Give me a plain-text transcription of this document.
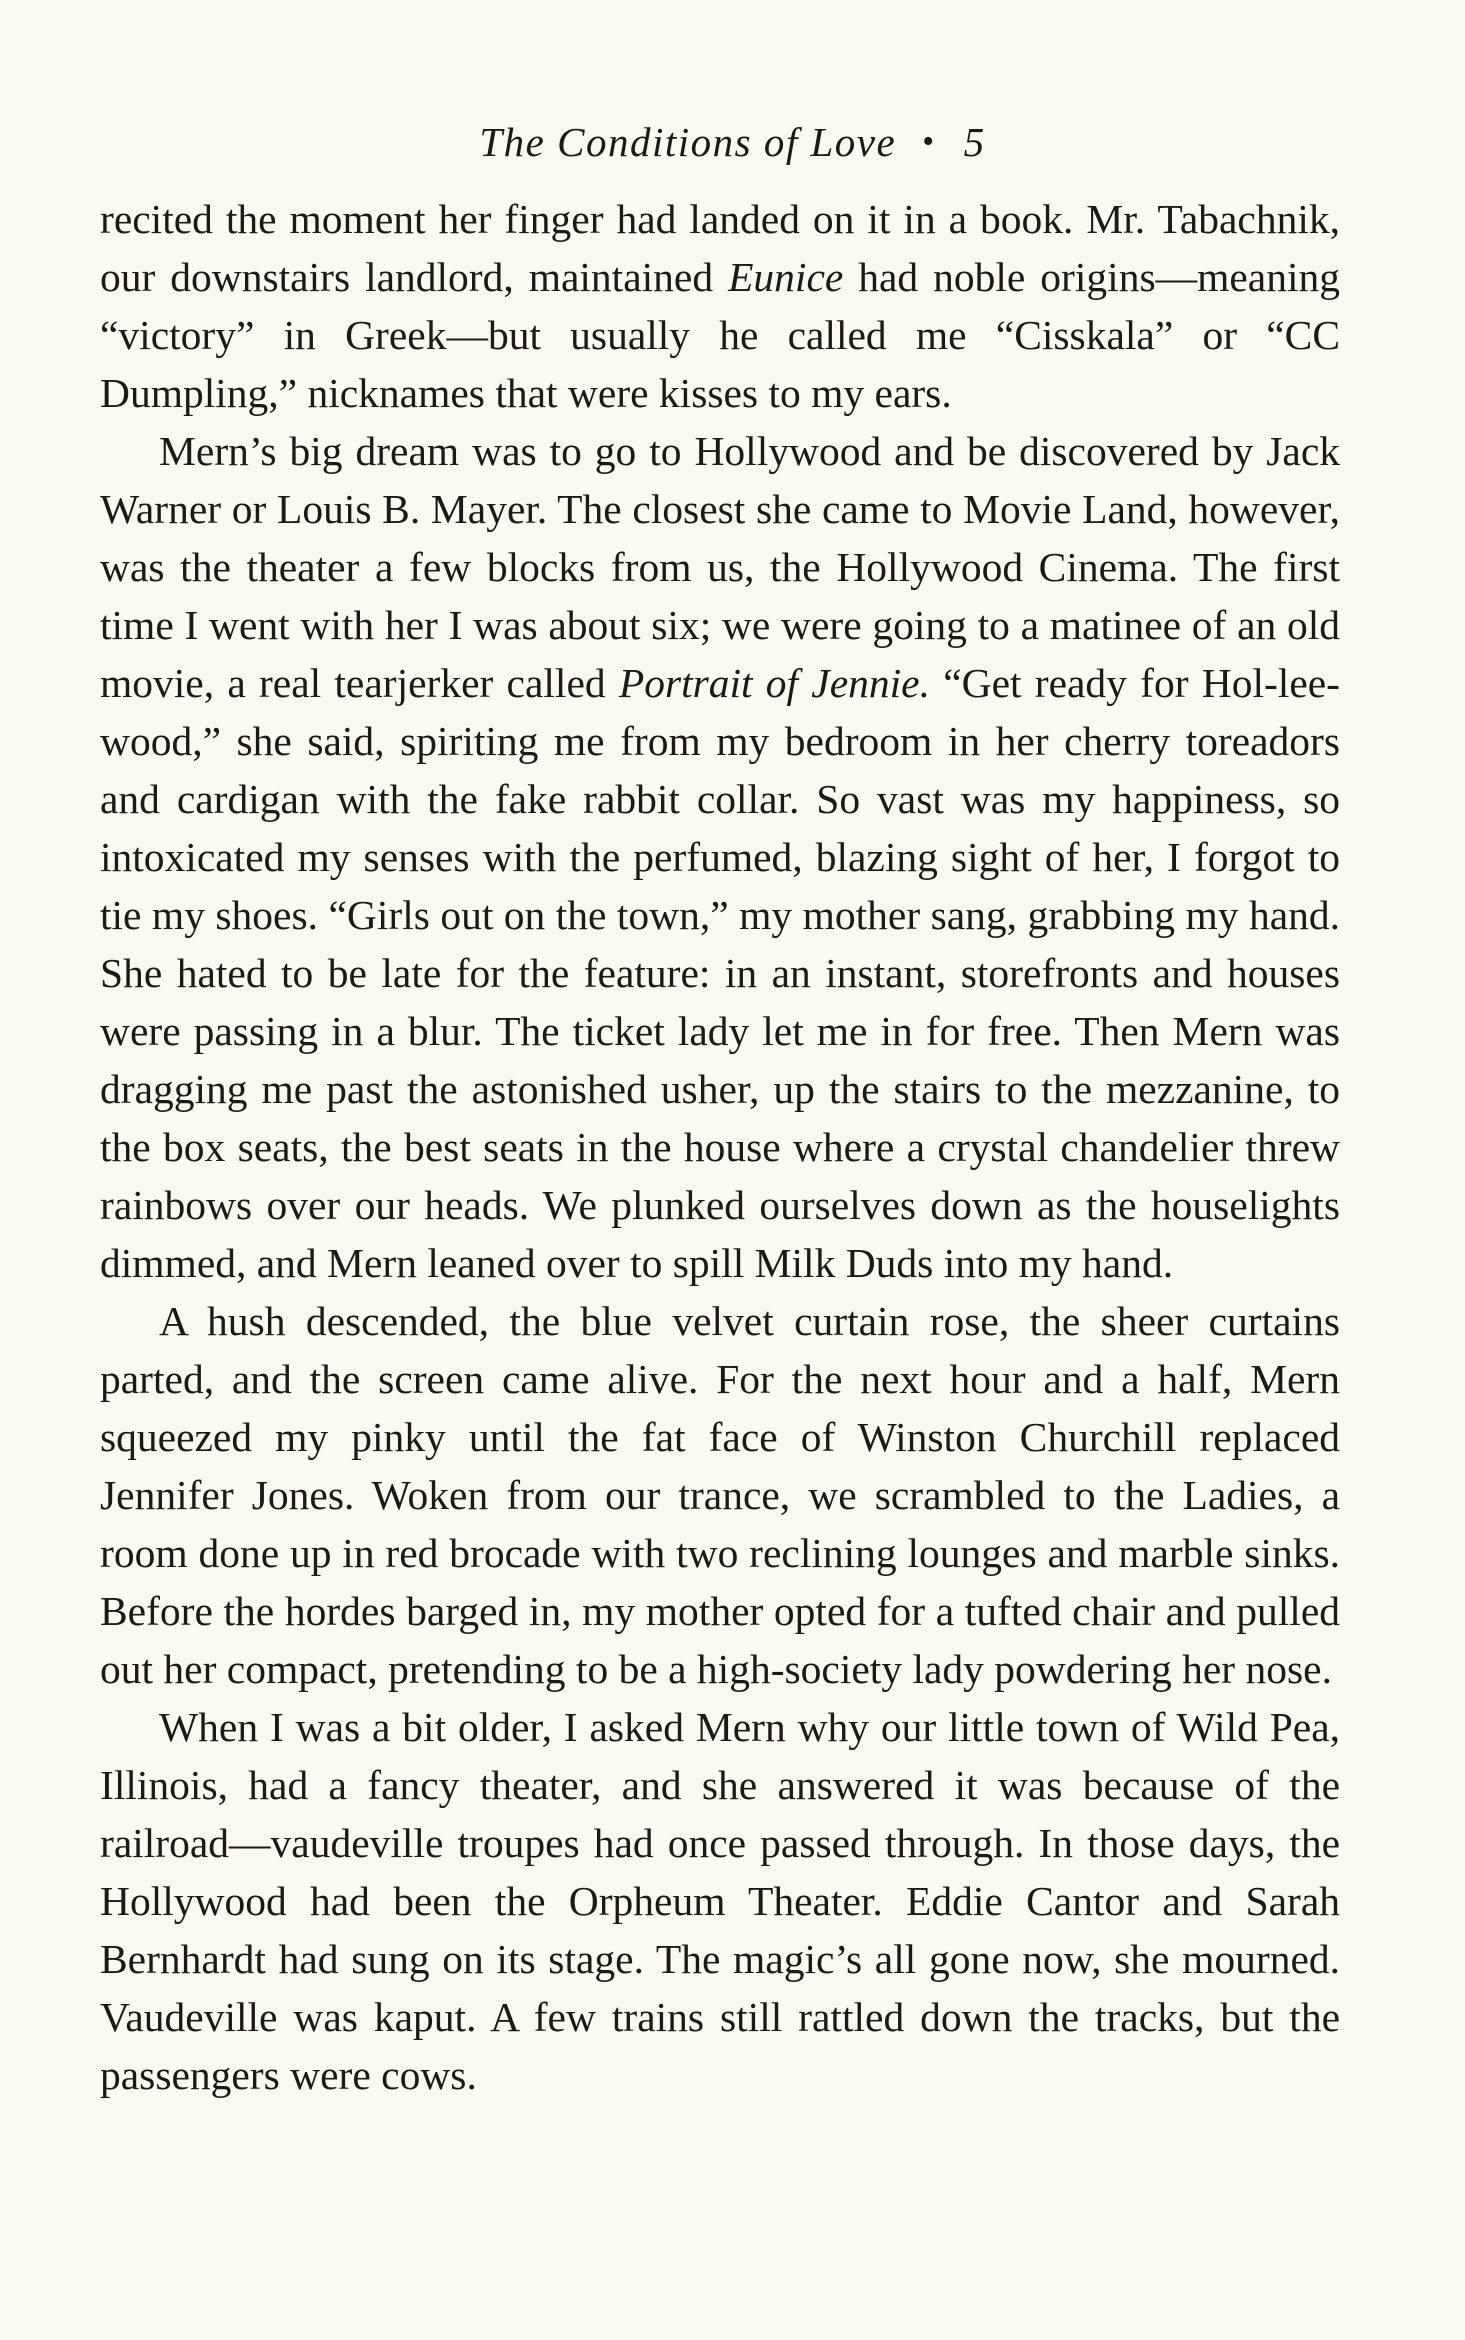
The Conditions of Love • 5

recited the moment her finger had landed on it in a book. Mr. Tabachnik, our downstairs landlord, maintained Eunice had noble origins—meaning “victory” in Greek—but usually he called me “Cisskala” or “CC Dumpling,” nicknames that were kisses to my ears.

Mern’s big dream was to go to Hollywood and be discovered by Jack Warner or Louis B. Mayer. The closest she came to Movie Land, however, was the theater a few blocks from us, the Hollywood Cinema. The first time I went with her I was about six; we were going to a matinee of an old movie, a real tearjerker called Portrait of Jennie. “Get ready for Hol-lee-wood,” she said, spiriting me from my bedroom in her cherry toreadors and cardigan with the fake rabbit collar. So vast was my happiness, so intoxicated my senses with the perfumed, blazing sight of her, I forgot to tie my shoes. “Girls out on the town,” my mother sang, grabbing my hand. She hated to be late for the feature: in an instant, storefronts and houses were passing in a blur. The ticket lady let me in for free. Then Mern was dragging me past the astonished usher, up the stairs to the mezzanine, to the box seats, the best seats in the house where a crystal chandelier threw rainbows over our heads. We plunked ourselves down as the houselights dimmed, and Mern leaned over to spill Milk Duds into my hand.

A hush descended, the blue velvet curtain rose, the sheer curtains parted, and the screen came alive. For the next hour and a half, Mern squeezed my pinky until the fat face of Winston Churchill replaced Jennifer Jones. Woken from our trance, we scrambled to the Ladies, a room done up in red brocade with two reclining lounges and marble sinks. Before the hordes barged in, my mother opted for a tufted chair and pulled out her compact, pretending to be a high-society lady powdering her nose.

When I was a bit older, I asked Mern why our little town of Wild Pea, Illinois, had a fancy theater, and she answered it was because of the railroad—vaudeville troupes had once passed through. In those days, the Hollywood had been the Orpheum Theater. Eddie Cantor and Sarah Bernhardt had sung on its stage. The magic’s all gone now, she mourned. Vaudeville was kaput. A few trains still rattled down the tracks, but the passengers were cows.
